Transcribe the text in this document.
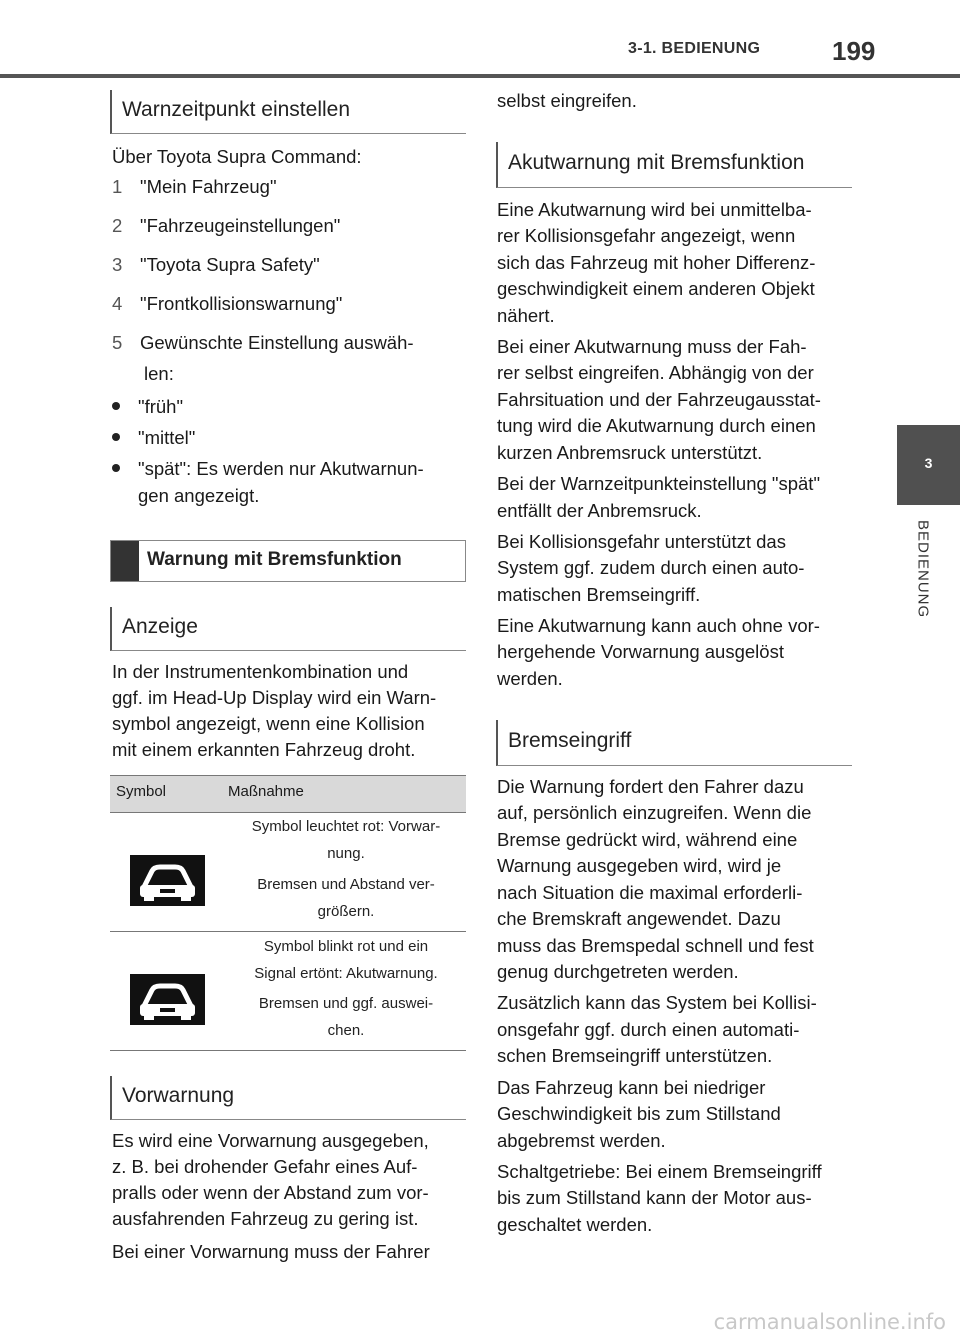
3-1. BEDIENUNG	199
3
BEDIENUNG
Warnzeitpunkt einstellen
Über Toyota Supra Command:
1 "Mein Fahrzeug"
2 "Fahrzeugeinstellungen"
3 "Toyota Supra Safety"
4 "Frontkollisionswarnung"
5 Gewünschte Einstellung auswäh-
len:
"früh"
"mittel"
"spät": Es werden nur Akutwarnun-
gen angezeigt.
Warnung mit Bremsfunktion
Anzeige
In der Instrumentenkombination und
ggf. im Head-Up Display wird ein Warn-
symbol angezeigt, wenn eine Kollision
mit einem erkannten Fahrzeug droht.
Symbol	Maßnahme
Symbol leuchtet rot: Vorwar-
nung.
Bremsen und Abstand ver-
größern.
Symbol blinkt rot und ein
Signal ertönt: Akutwarnung.
Bremsen und ggf. auswei-
chen.
Vorwarnung
Es wird eine Vorwarnung ausgegeben,
z. B. bei drohender Gefahr eines Auf-
pralls oder wenn der Abstand zum vor-
ausfahrenden Fahrzeug zu gering ist.
Bei einer Vorwarnung muss der Fahrer
selbst eingreifen.
Akutwarnung mit Bremsfunktion
Eine Akutwarnung wird bei unmittelba-
rer Kollisionsgefahr angezeigt, wenn
sich das Fahrzeug mit hoher Differenz-
geschwindigkeit einem anderen Objekt
nähert.
Bei einer Akutwarnung muss der Fah-
rer selbst eingreifen. Abhängig von der
Fahrsituation und der Fahrzeugausstat-
tung wird die Akutwarnung durch einen
kurzen Anbremsruck unterstützt.
Bei der Warnzeitpunkteinstellung "spät"
entfällt der Anbremsruck.
Bei Kollisionsgefahr unterstützt das
System ggf. zudem durch einen auto-
matischen Bremseingriff.
Eine Akutwarnung kann auch ohne vor-
hergehende Vorwarnung ausgelöst
werden.
Bremseingriff
Die Warnung fordert den Fahrer dazu
auf, persönlich einzugreifen. Wenn die
Bremse gedrückt wird, während eine
Warnung ausgegeben wird, wird je
nach Situation die maximal erforderli-
che Bremskraft angewendet. Dazu
muss das Bremspedal schnell und fest
genug durchgetreten werden.
Zusätzlich kann das System bei Kollisi-
onsgefahr ggf. durch einen automati-
schen Bremseingriff unterstützen.
Das Fahrzeug kann bei niedriger
Geschwindigkeit bis zum Stillstand
abgebremst werden.
Schaltgetriebe: Bei einem Bremseingriff
bis zum Stillstand kann der Motor aus-
geschaltet werden.
carmanualsonline.info
